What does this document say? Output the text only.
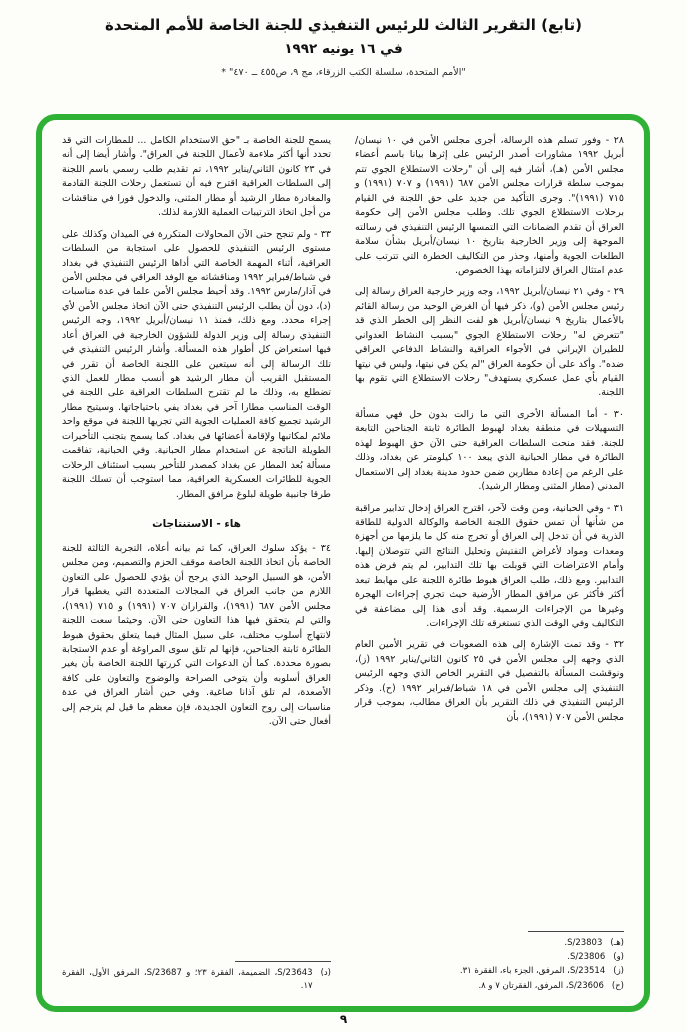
(تابع) التقرير الثالث للرئيس التنفيذي للجنة الخاصة للأمم المتحدة
في ١٦ يونيه ١٩٩٢
"الأمم المتحدة، سلسلة الكتب الزرقاء، مج ٩، ص٤٥٥ ــ ٤٧٠" *

٢٨ - وفور تسلم هذه الرسالة، أجرى مجلس الأمن في ١٠ نيسان/أبريل ١٩٩٢ مشاورات أصدر الرئيس على إثرها بيانا باسم أعضاء مجلس الأمن (هـ)، أشار فيه إلى أن "رحلات الاستطلاع الجوي تتم بموجب سلطة قرارات مجلس الأمن ٦٨٧ (١٩٩١) و ٧٠٧ (١٩٩١) و ٧١٥ (١٩٩١)". وجرى التأكيد من جديد على حق اللجنة في القيام برحلات الاستطلاع الجوي تلك. وطلب مجلس الأمن إلى حكومة العراق أن تقدم الضمانات التي التمسها الرئيس التنفيذي في رسالته الموجهة إلى وزير الخارجية بتاريخ ١٠ نيسان/أبريل بشأن سلامة الطلعات الجوية وأمنها، وحذر من التكاليف الخطرة التي تترتب على عدم امتثال العراق لالتزاماته بهذا الخصوص.

٢٩ - وفي ٢١ نيسان/أبريل ١٩٩٢، وجه وزير خارجية العراق رسالة إلى رئيس مجلس الأمن (و)، ذكر فيها أن الغرض الوحيد من رسالة القائم بالأعمال بتاريخ ٩ نيسان/أبريل هو لفت النظر إلى الخطر الذي قد "تتعرض له" رحلات الاستطلاع الجوي "بسبب النشاط العدواني للطيران الإيراني في الأجواء العراقية والنشاط الدفاعي العراقي ضده". وأكد على أن حكومة العراق "لم يكن في نيتها، وليس في نيتها القيام بأي عمل عسكري يستهدف" رحلات الاستطلاع التي تقوم بها اللجنة.

٣٠ - أما المسألة الأخرى التي ما زالت بدون حل فهي مسألة التسهيلات في منطقة بغداد لهبوط الطائرة ثابتة الجناحين التابعة للجنة. فقد منحت السلطات العراقية حتى الآن حق الهبوط لهذه الطائرة في مطار الحبانية الذي يبعد ١٠٠ كيلومتر عن بغداد، وذلك على الرغم من إعادة مطارين ضمن حدود مدينة بغداد إلى الاستعمال المدني (مطار المثنى ومطار الرشيد).

٣١ - وفي الحبانية، ومن وقت لآخر، اقترح العراق إدخال تدابير مراقبة من شأنها أن تمس حقوق اللجنة الخاصة والوكالة الدولية للطاقة الذرية في أن تدخل إلى العراق أو تخرج منه كل ما يلزمها من أجهزة ومعدات ومواد لأغراض التفتيش وتحليل النتائج التي تتوصلان إليها. وأمام الاعتراضات التي قوبلت بها تلك التدابير، لم يتم فرض هذه التدابير. ومع ذلك، طلب العراق هبوط طائرة اللجنة على مهابط تبعد أكثر فأكثر عن مرافق المطار الأرضية حيث تجري إجراءات الهجرة وغيرها من الإجراءات الرسمية. وقد أدى هذا إلى مضاعفة في التكاليف وفي الوقت الذي تستغرقه تلك الإجراءات.

٣٢ - وقد تمت الإشارة إلى هذه الصعوبات في تقرير الأمين العام الذي وجهه إلى مجلس الأمن في ٢٥ كانون الثاني/يناير ١٩٩٢ (ز)، ونوقشت المسألة بالتفصيل في التقرير الخاص الذي وجهه الرئيس التنفيذي إلى مجلس الأمن في ١٨ شباط/فبراير ١٩٩٢ (ح). وذكر الرئيس التنفيذي في ذلك التقرير بأن العراق مطالب، بموجب قرار مجلس الأمن ٧٠٧ (١٩٩١)، بأن

(هـ)
S/23803.
(و)
S/23806.
(ز)
S/23514، المرفق، الجزء باء، الفقرة ٣١.
(ح)
S/23606، المرفق، الفقرتان ٧ و ٨.

يسمح للجنة الخاصة بـ "حق الاستخدام الكامل ... للمطارات التي قد تحدد أنها أكثر ملاءمة لأعمال اللجنة في العراق". وأشار أيضا إلى أنه في ٢٣ كانون الثاني/يناير ١٩٩٢، تم تقديم طلب رسمي باسم اللجنة إلى السلطات العراقية اقترح فيه أن تستعمل رحلات اللجنة القادمة والمغادرة مطار الرشيد أو مطار المثنى، والدخول فورا في مناقشات من أجل اتخاذ الترتيبات العملية اللازمة لذلك.

٣٣ - ولم تنجح حتى الآن المحاولات المتكررة في الميدان وكذلك على مستوى الرئيس التنفيذي للحصول على استجابة من السلطات العراقية، أثناء المهمة الخاصة التي أداها الرئيس التنفيذي في بغداد في شباط/فبراير ١٩٩٢ ومناقشاته مع الوفد العراقي في مجلس الأمن في آذار/مارس ١٩٩٢. وقد أحيط مجلس الأمن علما في عدة مناسبات (د)، دون أن يطلب الرئيس التنفيذي حتى الآن اتخاذ مجلس الأمن لأي إجراء محدد. ومع ذلك، فمنذ ١١ نيسان/أبريل ١٩٩٢، وجه الرئيس التنفيذي رسالة إلى وزير الدولة للشؤون الخارجية في العراق أعاد فيها استعراض كل أطوار هذه المسألة. وأشار الرئيس التنفيذي في تلك الرسالة إلى أنه سيتعين على اللجنة الخاصة أن تقرر في المستقبل القريب أن مطار الرشيد هو أنسب مطار للعمل الذي تضطلع به، وذلك ما لم تقترح السلطات العراقية على اللجنة في الوقت المناسب مطارا آخر في بغداد يفي باحتياجاتها. وسيتيح مطار الرشيد تجميع كافة العمليات الجوية التي تجريها اللجنة في موقع واحد ملائم لمكاتبها ولإقامة أعضائها في بغداد. كما يسمح بتجنب التأخيرات الطويلة الناتجة عن استخدام مطار الحبانية. وفي الحبانية، تفاقمت مسألة بُعد المطار عن بغداد كمصدر للتأخير بسبب استئناف الرحلات الجوية للطائرات العسكرية العراقية، مما استوجب أن تسلك اللجنة طرقا جانبية طويلة لبلوغ مرافق المطار.

هاء - الاستنتاجات

٣٤ - يؤكد سلوك العراق، كما تم بيانه أعلاه، التجربة الثالثة للجنة الخاصة بأن اتخاذ اللجنة الخاصة موقف الحزم والتصميم، ومن مجلس الأمن، هو السبيل الوحيد الذي يرجح أن يؤدي للحصول على التعاون اللازم من جانب العراق في المجالات المتعددة التي يغطيها قرار مجلس الأمن ٦٨٧ (١٩٩١)، والقراران ٧٠٧ (١٩٩١) و ٧١٥ (١٩٩١)، والتي لم يتحقق فيها هذا التعاون حتى الآن. وحيثما سعت اللجنة لانتهاج أسلوب مختلف، على سبيل المثال فيما يتعلق بحقوق هبوط الطائرة ثابتة الجناحين، فإنها لم تلق سوى المراوغة أو عدم الاستجابة بصورة محددة. كما أن الدعوات التي كررتها اللجنة الخاصة بأن يغير العراق أسلوبه وأن يتوخى الصراحة والوضوح والتعاون على كافة الأصعدة، لم تلق آذانا صاغية. وفي حين أشار العراق في عدة مناسبات إلى روح التعاون الجديدة، فإن معظم ما قيل لم يترجم إلى أفعال حتى الآن.

(د)
S/23643، الضميمة، الفقرة ٢٣؛ و S/23687، المرفق الأول، الفقرة ١٧.
٩
